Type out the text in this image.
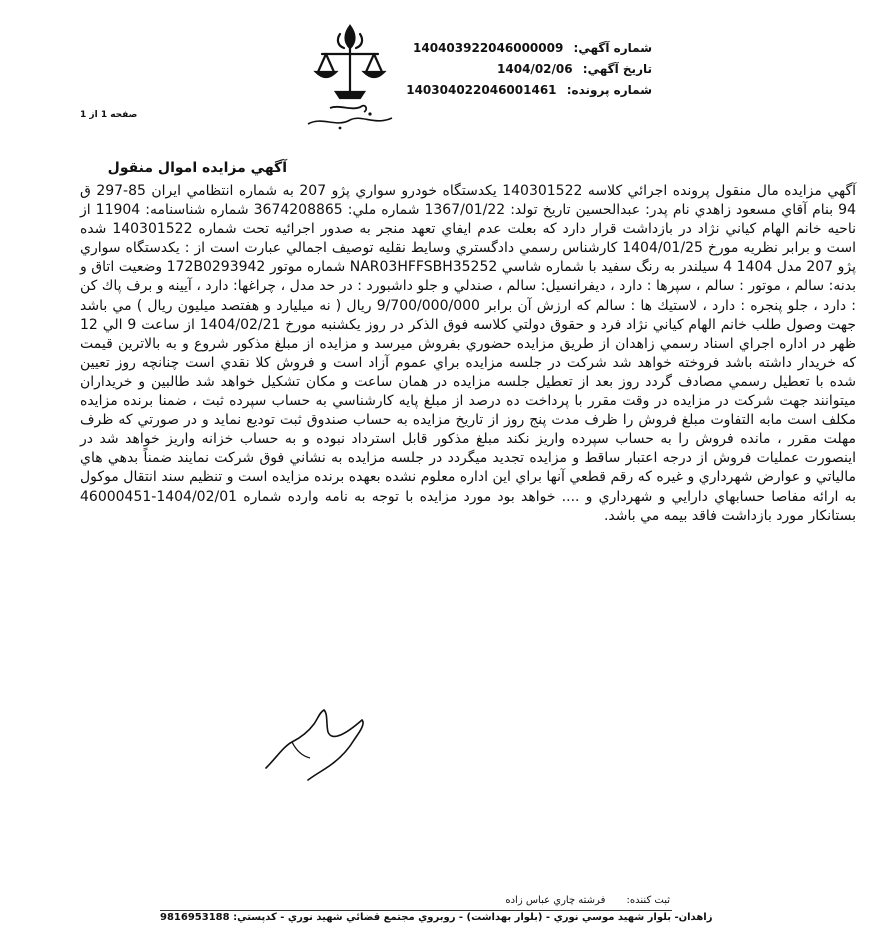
شماره آگهي: 140403922046000009
تاريخ آگهي: 1404/02/06
شماره پرونده: 140304022046001461
صفحه 1 از 1
آگهي مزايده اموال منقول

آگهي مزايده مال منقول پرونده اجرائي كلاسه 140301522 يكدستگاه خودرو سواري پژو 207 به شماره انتظامي ايران 85-297 ق 94 بنام آقاي مسعود زاهدي نام پدر: عبدالحسين تاريخ تولد: 1367/01/22 شماره ملي: 3674208865 شماره شناسنامه: 11904 از ناحيه خانم الهام كياني نژاد در بازداشت قرار دارد كه بعلت عدم ايفاي تعهد منجر به صدور اجرائيه تحت شماره 140301522 شده است و برابر نظريه مورخ 1404/01/25 كارشناس رسمي دادگستري وسايط نقليه توصيف اجمالي عبارت است از : يكدستگاه سواري پژو 207 مدل 1404 4 سيلندر به رنگ سفيد با شماره شاسي NAR03HFFSBH35252 شماره موتور 172B0293942 وضعيت اتاق و بدنه: سالم ، موتور : سالم ، سپرها : دارد ، ديفرانسيل: سالم ، صندلي و جلو داشبورد : در حد مدل ، چراغها: دارد ، آيينه و برف پاك كن : دارد ، جلو پنجره : دارد ، لاستيك ها : سالم كه ارزش آن برابر 9/700/000/000 ريال ( نه ميليارد و هفتصد ميليون ريال ) مي باشد جهت وصول طلب خانم الهام كياني نژاد فرد و حقوق دولتي كلاسه فوق الذكر در روز يكشنبه مورخ 1404/02/21 از ساعت 9 الي 12 ظهر در اداره اجراي اسناد رسمي زاهدان از طريق مزايده حضوري بفروش ميرسد و مزايده از مبلغ مذكور شروع و به بالاترين قيمت كه خريدار داشته باشد فروخته خواهد شد شركت در جلسه مزايده براي عموم آزاد است و فروش كلا نقدي است چنانچه روز تعيين شده با تعطيل رسمي مصادف گردد روز بعد از تعطيل جلسه مزايده در همان ساعت و مكان تشكيل خواهد شد طالبين و خريداران ميتوانند جهت شركت در مزايده در وقت مقرر با پرداخت ده درصد از مبلغ پايه كارشناسي به حساب سپرده ثبت ، ضمنا برنده مزايده مكلف است مابه التفاوت مبلغ فروش را ظرف مدت پنج روز از تاريخ مزايده به حساب صندوق ثبت توديع نمايد و در صورتي كه ظرف مهلت مقرر ، مانده فروش را به حساب سپرده واريز نكند مبلغ مذكور قابل استرداد نبوده و به حساب خزانه واريز خواهد شد در اينصورت عمليات فروش از درجه اعتبار ساقط و مزايده تجديد ميگردد در جلسه مزايده به نشاني فوق شركت نمايند ضمناً بدهي هاي مالياتي و عوارض شهرداري و غيره كه رقم قطعي آنها براي اين اداره معلوم نشده بعهده برنده مزايده است و تنظيم سند انتقال موكول به ارائه مفاصا حسابهاي دارايي و شهرداري و .... خواهد بود مورد مزايده با توجه به نامه وارده شماره 1404/02/01-46000451 بستانكار مورد بازداشت فاقد بيمه مي باشد.

ثبت كننده: فرشته چاري عباس زاده
زاهدان- بلوار شهيد موسي نوري - (بلوار بهداشت) - روبروي مجتمع قضائي شهيد نوري - كدپستي: 9816953188
